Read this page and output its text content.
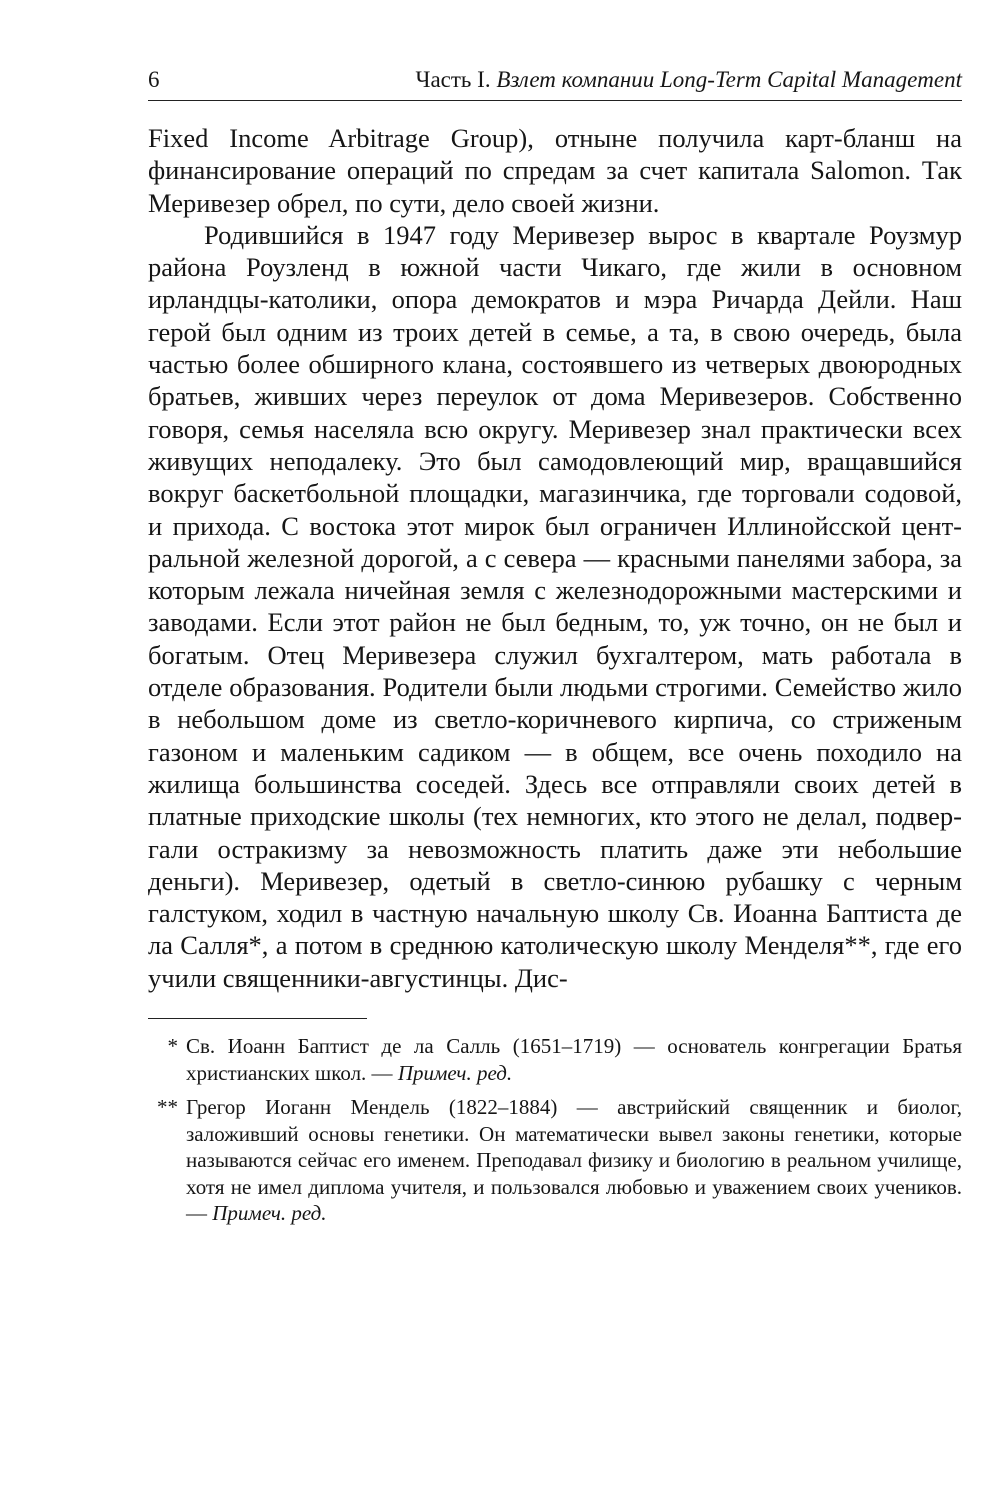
6	Часть I. Взлет компании Long-Term Capital Management

Fixed Income Arbitrage Group), отныне получила карт-бланш на финансирование операций по спредам за счет капитала Salomon. Так Меривезер обрел, по сути, дело своей жизни.

Родившийся в 1947 году Меривезер вырос в квартале Роузмур района Роузленд в южной части Чикаго, где жили в основном ирландцы-католики, опора демократов и мэра Ричарда Дейли. Наш герой был одним из троих детей в семье, а та, в свою очередь, была частью более обширного клана, состоявшего из четверых двоюродных братьев, живших через переулок от дома Меривезеров. Собственно говоря, семья населяла всю округу. Меривезер знал практически всех живущих неподалеку. Это был самодовлеющий мир, вращавшийся вокруг баскетбольной площадки, магазинчика, где торговали содовой, и прихода. С востока этот мирок был ограничен Иллинойсской центральной железной дорогой, а с севера — красными панелями забора, за которым лежала ничейная земля с железнодорожными мастерскими и заводами. Если этот район не был бедным, то, уж точно, он не был и богатым. Отец Меривезера служил бухгалтером, мать работала в отделе образования. Родители были людьми строгими. Семейство жило в небольшом доме из светло-коричневого кирпича, со стриженым газоном и маленьким садиком — в общем, все очень походило на жилища большинства соседей. Здесь все отправляли своих детей в платные приходские школы (тех немногих, кто этого не делал, подвергали остракизму за невозможность платить даже эти небольшие деньги). Меривезер, одетый в светло-синюю рубашку с черным галстуком, ходил в частную начальную школу Св. Иоанна Баптиста де ла Салля*, а потом в среднюю католическую школу Менделя**, где его учили священники-августинцы. Дис-

* Св. Иоанн Баптист де ла Салль (1651–1719) — основатель конгрегации Братья христианских школ. — Примеч. ред.
** Грегор Иоганн Мендель (1822–1884) — австрийский священник и биолог, заложивший основы генетики. Он математически вывел законы генетики, которые называются сейчас его именем. Преподавал физику и биологию в реальном училище, хотя не имел диплома учителя, и пользовался любовью и уважением своих учеников. — Примеч. ред.
